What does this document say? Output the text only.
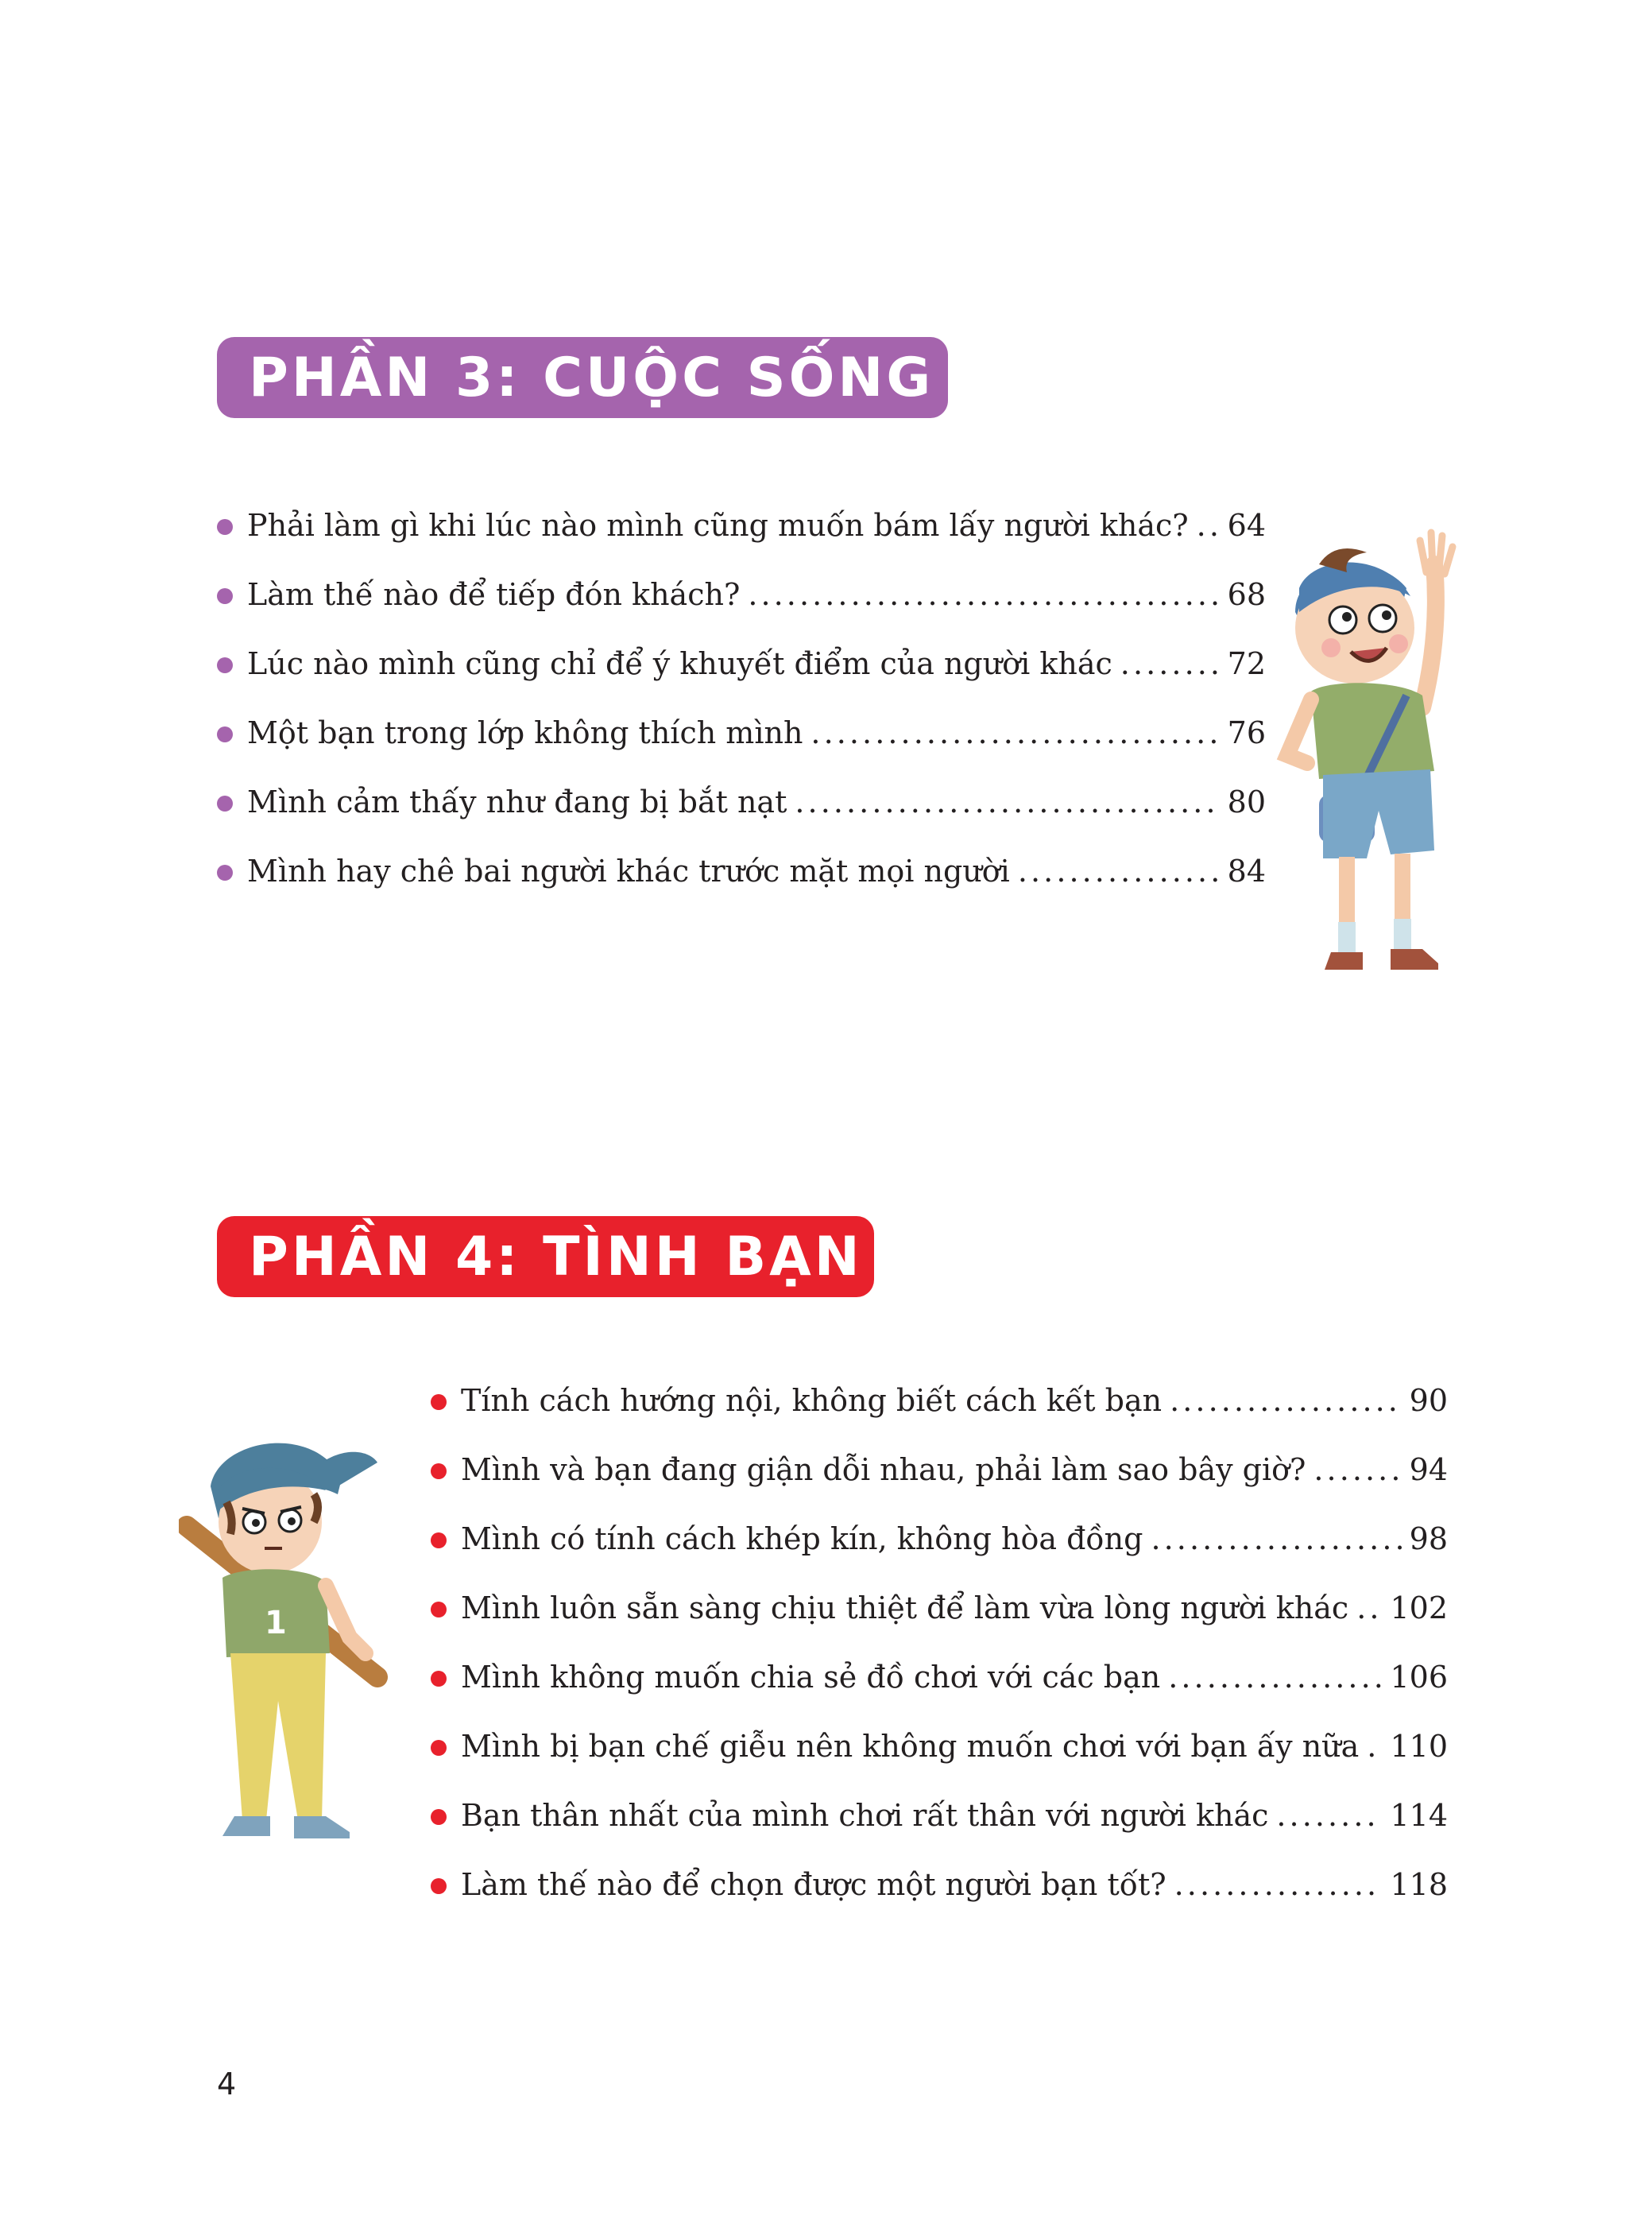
PHẦN 3: CUỘC SỐNG
Phải làm gì khi lúc nào mình cũng muốn bám lấy người khác? . . . 64
Làm thế nào để tiếp đón khách? . . .	68
Lúc nào mình cũng chỉ để ý khuyết điểm của người khác . . .	72
Một bạn trong lớp không thích mình . . .	76
Mình cảm thấy như đang bị bắt nạt . . .	80
Mình hay chê bai người khác trước mặt mọi người . . .	84
PHẦN 4: TÌNH BẠN
Tính cách hướng nội, không biết cách kết bạn . . .	90
Mình và bạn đang giận dỗi nhau, phải làm sao bây giờ? . . .	94
Mình có tính cách khép kín, không hòa đồng . . .	98
Mình luôn sẵn sàng chịu thiệt để làm vừa lòng người khác . . . 102
Mình không muốn chia sẻ đồ chơi với các bạn . . .	106
Mình bị bạn chế giễu nên không muốn chơi với bạn ấy nữa . . . 110
Bạn thân nhất của mình chơi rất thân với người khác . . .	114
Làm thế nào để chọn được một người bạn tốt? . . .	118
1
4
